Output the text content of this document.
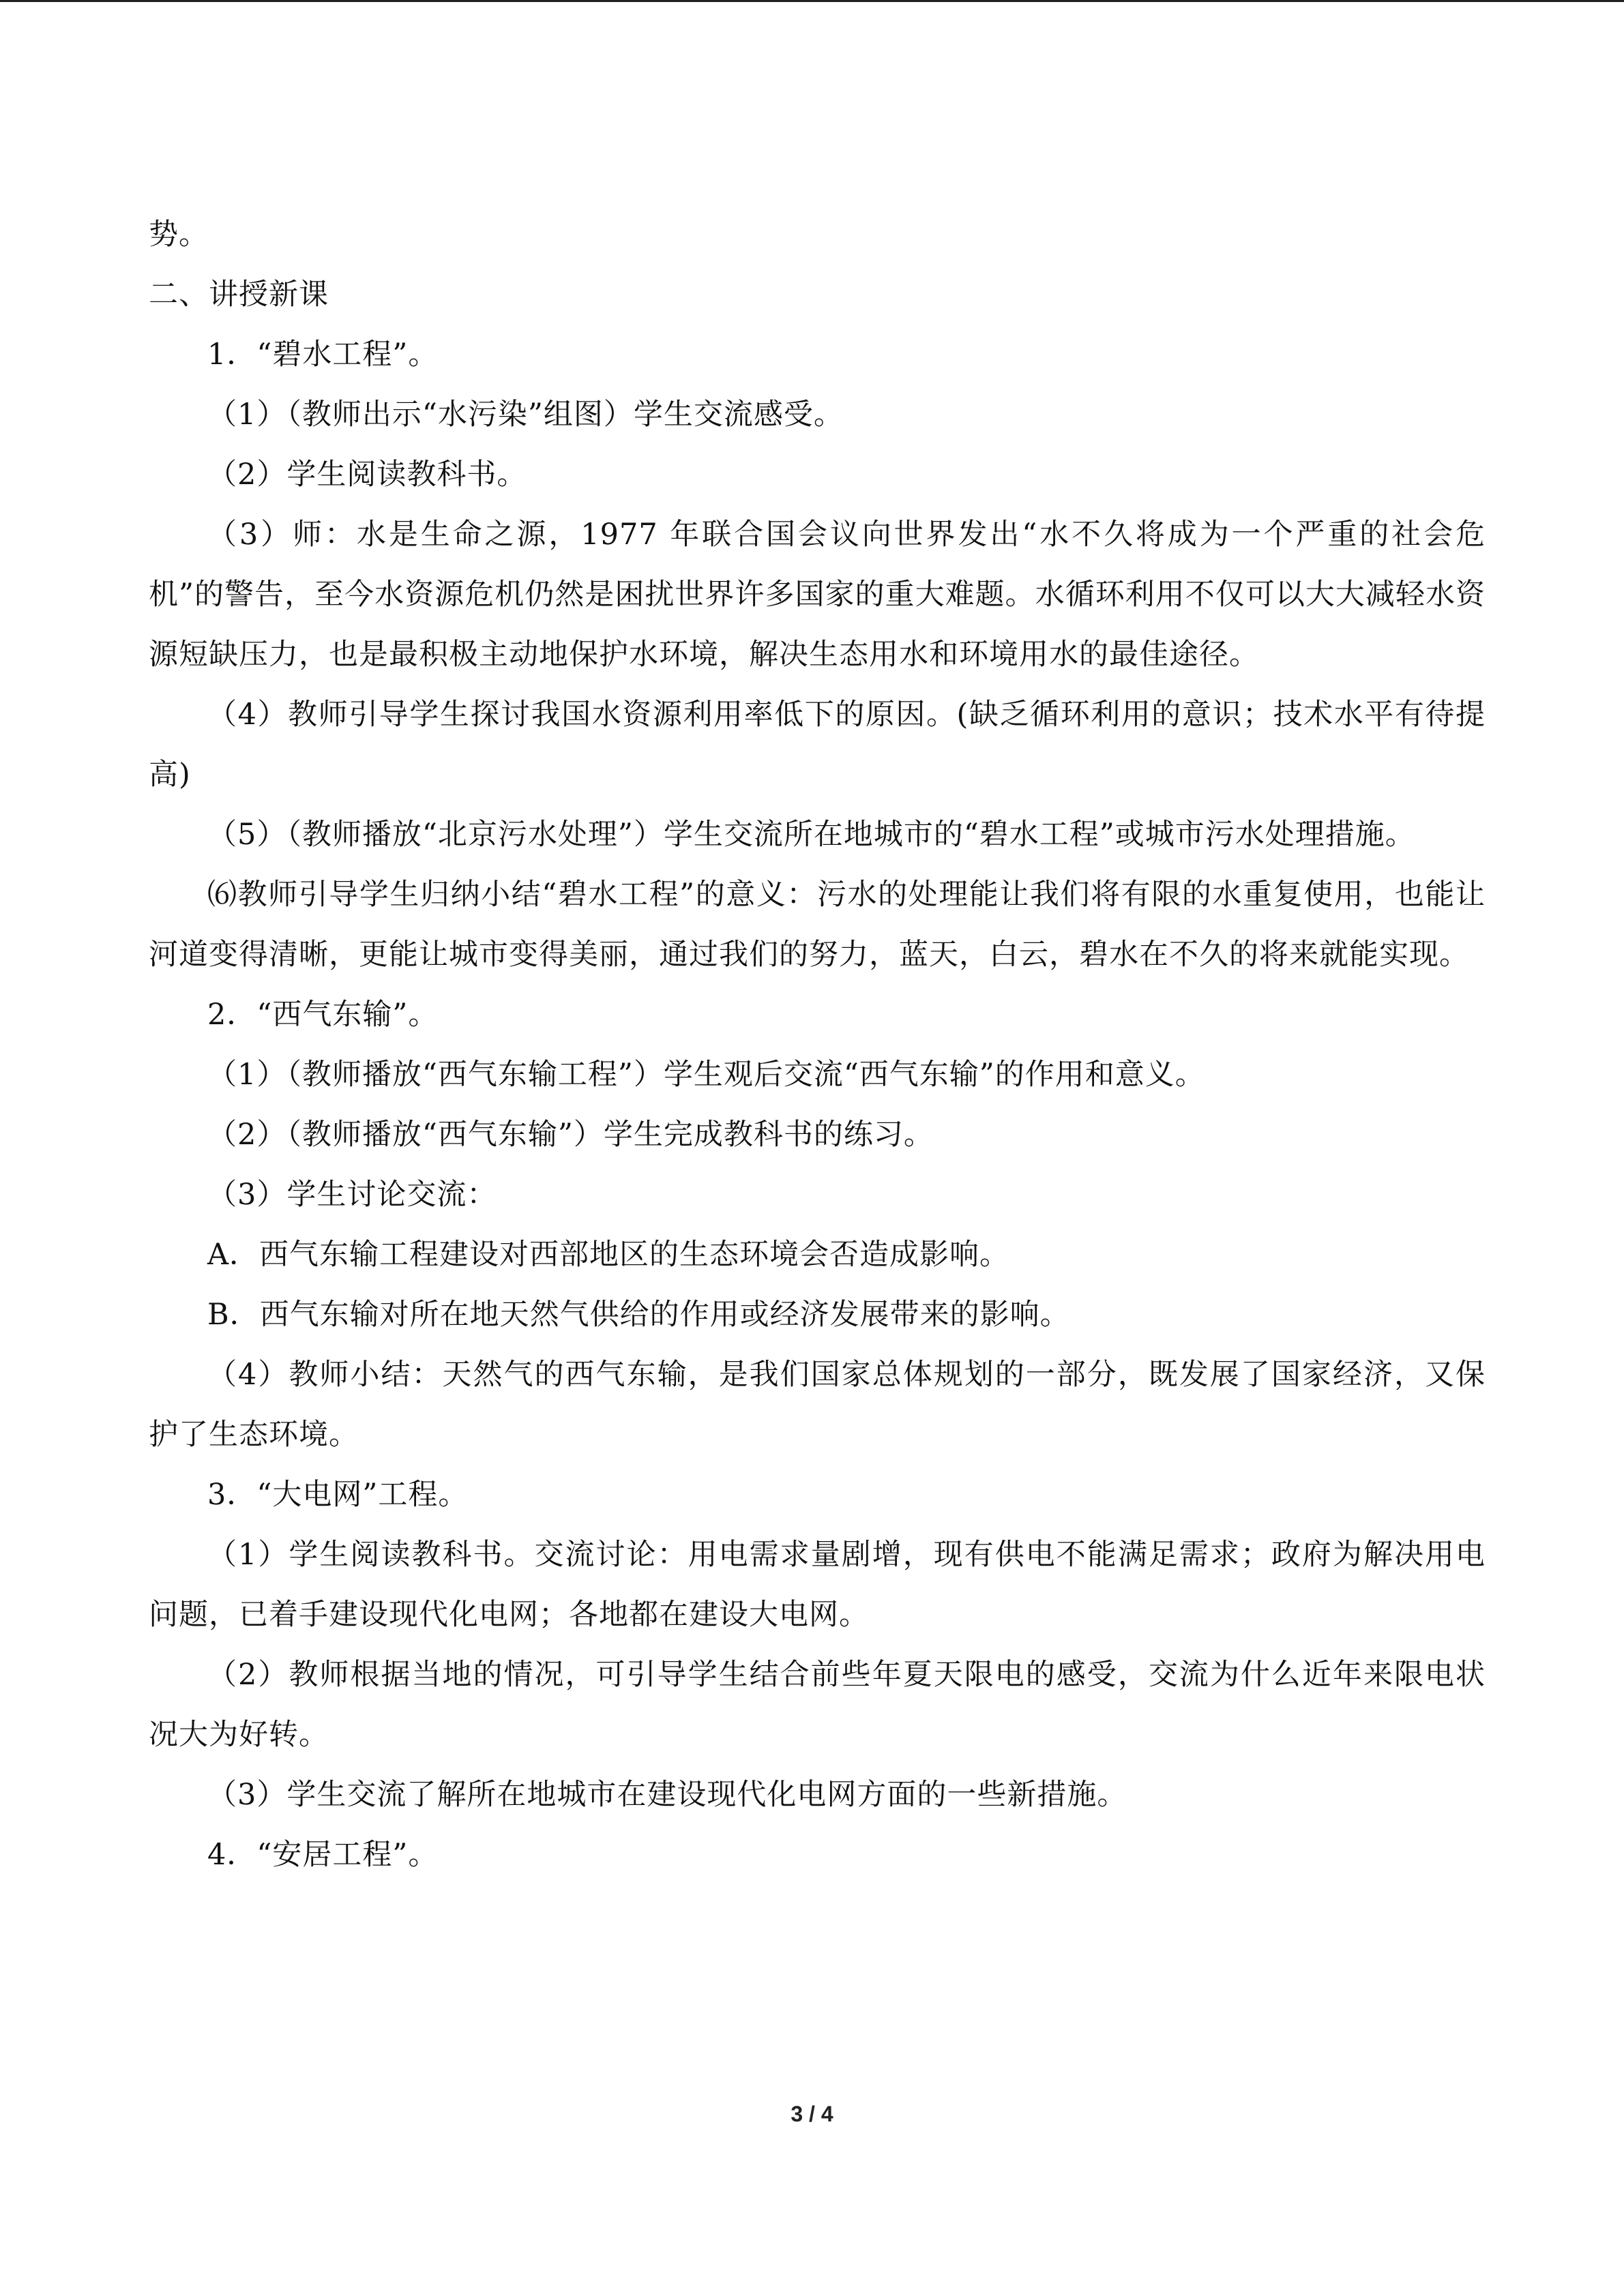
势。

二、讲授新课

1．“碧水工程”。

（1）（教师出示“水污染”组图）学生交流感受。

（2）学生阅读教科书。

（3）师：水是生命之源，1977 年联合国会议向世界发出“水不久将成为一个严重的社会危机”的警告，至今水资源危机仍然是困扰世界许多国家的重大难题。水循环利用不仅可以大大减轻水资源短缺压力，也是最积极主动地保护水环境，解决生态用水和环境用水的最佳途径。

（4）教师引导学生探讨我国水资源利用率低下的原因。(缺乏循环利用的意识；技术水平有待提高)

（5）（教师播放“北京污水处理”）学生交流所在地城市的“碧水工程”或城市污水处理措施。

⑹教师引导学生归纳小结“碧水工程”的意义：污水的处理能让我们将有限的水重复使用，也能让河道变得清晰，更能让城市变得美丽，通过我们的努力，蓝天，白云，碧水在不久的将来就能实现。

2．“西气东输”。

（1）（教师播放“西气东输工程”）学生观后交流“西气东输”的作用和意义。

（2）（教师播放“西气东输”）学生完成教科书的练习。

（3）学生讨论交流：

A．西气东输工程建设对西部地区的生态环境会否造成影响。

B．西气东输对所在地天然气供给的作用或经济发展带来的影响。

（4）教师小结：天然气的西气东输，是我们国家总体规划的一部分，既发展了国家经济，又保护了生态环境。

3．“大电网”工程。

（1）学生阅读教科书。交流讨论：用电需求量剧增，现有供电不能满足需求；政府为解决用电问题，已着手建设现代化电网；各地都在建设大电网。

（2）教师根据当地的情况，可引导学生结合前些年夏天限电的感受，交流为什么近年来限电状况大为好转。

（3）学生交流了解所在地城市在建设现代化电网方面的一些新措施。

4．“安居工程”。

3 / 4
